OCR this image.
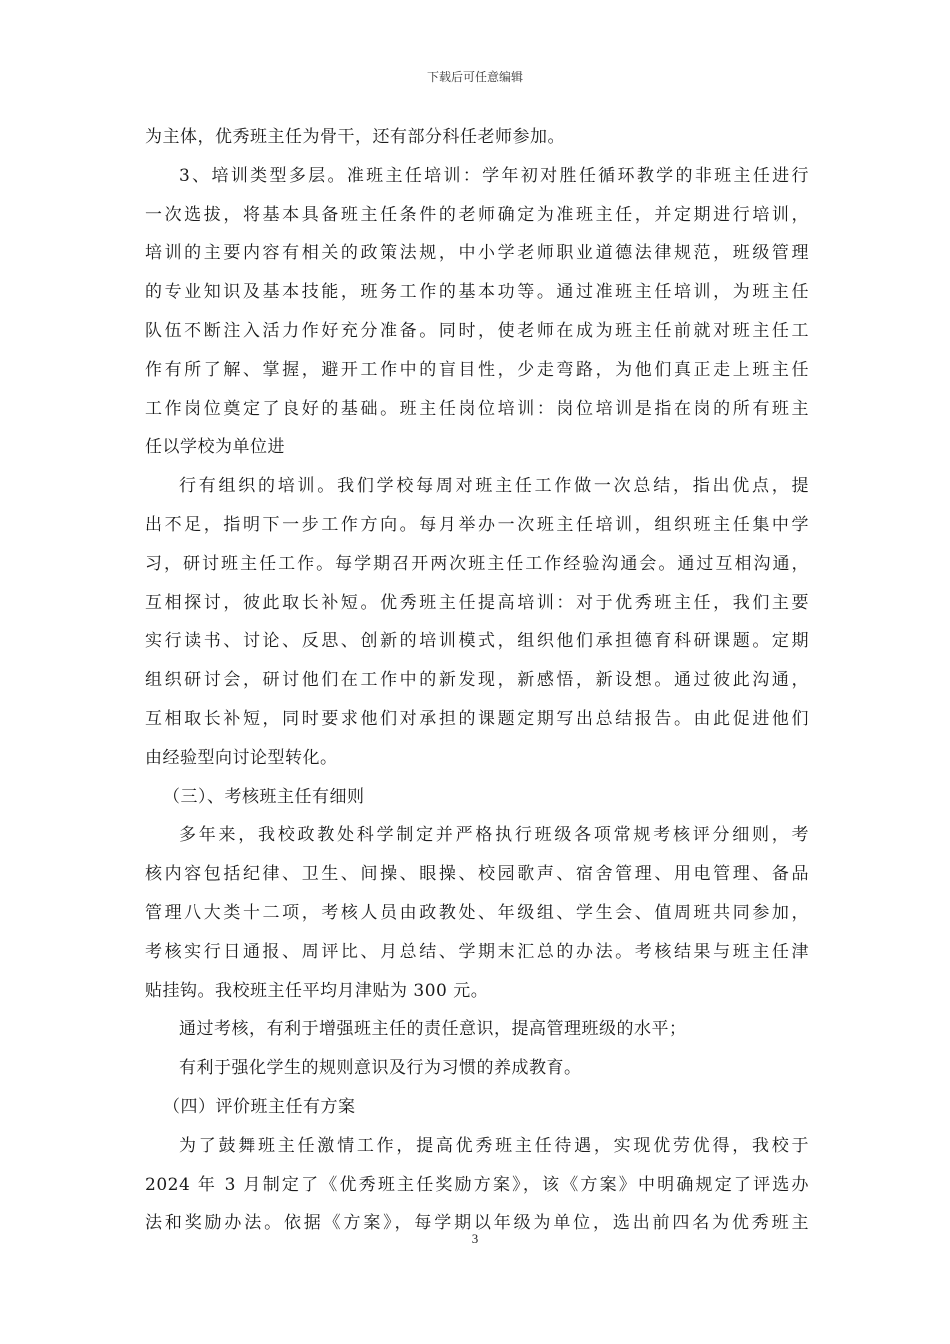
下载后可任意编辑
为主体，优秀班主任为骨干，还有部分科任老师参加。
3、培训类型多层。准班主任培训：学年初对胜任循环教学的非班主任进行
一次选拔，将基本具备班主任条件的老师确定为准班主任，并定期进行培训，
培训的主要内容有相关的政策法规，中小学老师职业道德法律规范，班级管理
的专业知识及基本技能，班务工作的基本功等。通过准班主任培训，为班主任
队伍不断注入活力作好充分准备。同时，使老师在成为班主任前就对班主任工
作有所了解、掌握，避开工作中的盲目性，少走弯路，为他们真正走上班主任
工作岗位奠定了良好的基础。班主任岗位培训：岗位培训是指在岗的所有班主
任以学校为单位进
行有组织的培训。我们学校每周对班主任工作做一次总结，指出优点，提
出不足，指明下一步工作方向。每月举办一次班主任培训，组织班主任集中学
习，研讨班主任工作。每学期召开两次班主任工作经验沟通会。通过互相沟通，
互相探讨，彼此取长补短。优秀班主任提高培训：对于优秀班主任，我们主要
实行读书、讨论、反思、创新的培训模式，组织他们承担德育科研课题。定期
组织研讨会，研讨他们在工作中的新发现，新感悟，新设想。通过彼此沟通，
互相取长补短，同时要求他们对承担的课题定期写出总结报告。由此促进他们
由经验型向讨论型转化。
（三）、考核班主任有细则
多年来，我校政教处科学制定并严格执行班级各项常规考核评分细则，考
核内容包括纪律、卫生、间操、眼操、校园歌声、宿舍管理、用电管理、备品
管理八大类十二项，考核人员由政教处、年级组、学生会、值周班共同参加，
考核实行日通报、周评比、月总结、学期末汇总的办法。考核结果与班主任津
贴挂钩。我校班主任平均月津贴为 300 元。
通过考核，有利于增强班主任的责任意识，提高管理班级的水平；
有利于强化学生的规则意识及行为习惯的养成教育。
（四）评价班主任有方案
为了鼓舞班主任激情工作，提高优秀班主任待遇，实现优劳优得，我校于
2024 年 3 月制定了《优秀班主任奖励方案》，该《方案》中明确规定了评选办
法和奖励办法。依据《方案》，每学期以年级为单位，选出前四名为优秀班主
3
